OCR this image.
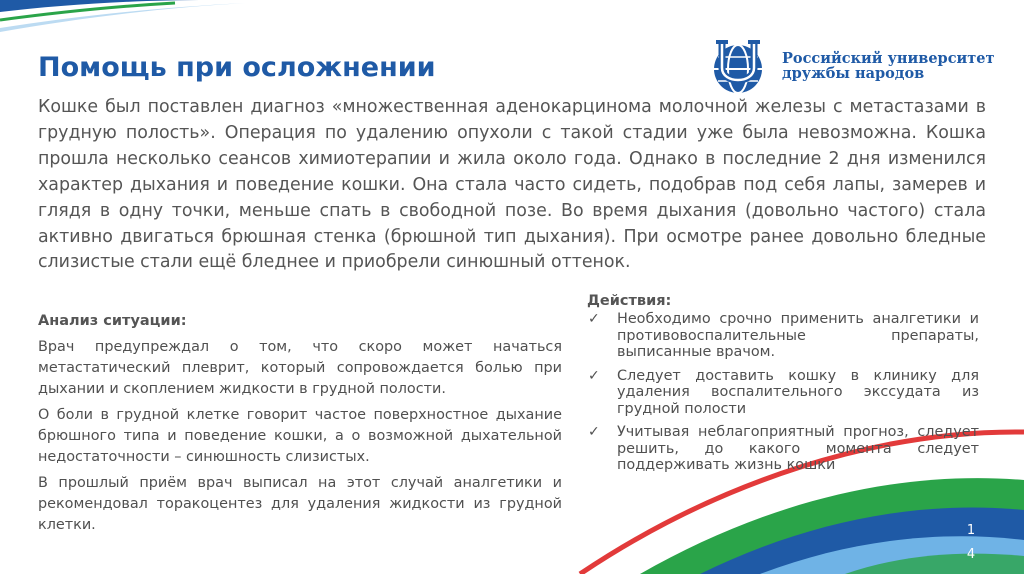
Помощь при осложнении	Российский университет
дружбы народов

Кошке был поставлен диагноз «множественная аденокарцинома молочной железы с метастазами в грудную полость». Операция по удалению опухоли с такой стадии уже была невозможна. Кошка прошла несколько сеансов химиотерапии и жила около года. Однако в последние 2 дня изменился характер дыхания и поведение кошки. Она стала часто сидеть, подобрав под себя лапы, замерев и глядя в одну точки, меньше спать в свободной позе. Во время дыхания (довольно частого) стала активно двигаться брюшная стенка (брюшной тип дыхания). При осмотре ранее довольно бледные слизистые стали ещё бледнее и приобрели синюшный оттенок.

Анализ ситуации:

Врач предупреждал о том, что скоро может начаться метастатический плеврит, который сопровождается болью при дыхании и скоплением жидкости в грудной полости.

О боли в грудной клетке говорит частое поверхностное дыхание брюшного типа и поведение кошки, а о возможной дыхательной недостаточности – синюшность слизистых.

В прошлый приём врач выписал на этот случай аналгетики и рекомендовал торакоцентез для удаления жидкости из грудной клетки.

Действия:
✓ Необходимо срочно применить аналгетики и противовоспалительные препараты, выписанные врачом.
✓ Следует доставить кошку в клинику для удаления воспалительного экссудата из грудной полости
✓ Учитывая неблагоприятный прогноз, следует решить, до какого момента следует поддерживать жизнь кошки
1
4
